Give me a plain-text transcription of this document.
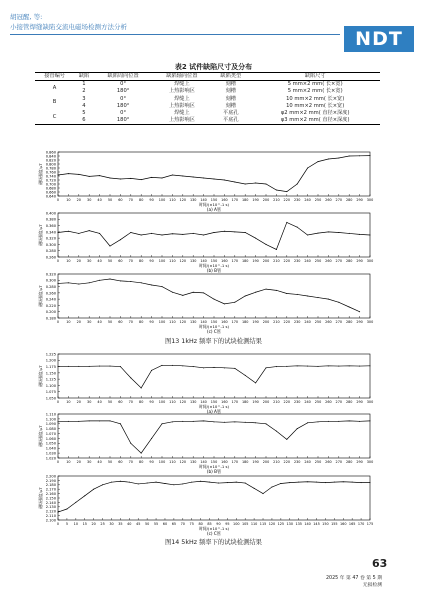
胡冠醒, 等:
小接管焊缝缺陷交流电磁场检测方法分析
NDT
表2 试件缺陷尺寸及分布
接管编号	缺陷	缺陷周向位置	缺陷轴向位置	缺陷类型	缺陷尺寸
A	1	0°	焊缝上	刻槽	5 mm×2 mm( 长×宽)
	2	180°	上热影响区	刻槽	5 mm×2 mm( 长×宽)
B	3	0°	焊缝上	刻槽	10 mm×2 mm( 长×宽)
	4	180°	上热影响区	刻槽	10 mm×2 mm( 长×宽)
C	5	0°	焊缝上	平底孔	φ2 mm×2 mm( 直径×深度)
	6	180°	上热影响区	平底孔	φ3 mm×2 mm( 直径×深度)
0.860
0.840
0.820
0.800
0.780
0.760
0.740
0.720
0.700
0.680
0.660
0.640
0 10 20 30 40 50 60 70 80 90 100 110 120 130 140 150 160 170 180 190 200 210 220 230 240 250 260 270 280 290 300
时间/(×10^-1 s)
磁场强度/μT
(a) A管
0.400
0.380
0.360
0.340
0.320
0.300
0.280
0.260
0 10 20 30 40 50 60 70 80 90 100 110 120 130 140 150 160 170 180 190 200 210 220 230 240 250 260 270 280 290 300
时间/(×10^-1 s)
磁场强度/μT
(b) B管
0.320
0.300
0.280
0.260
0.240
0.220
0.200
0.180
0 10 20 30 40 50 60 70 80 90 100 110 120 130 140 150 160 170 180 190 200 210 220 230 240 250 260 270 280 290 300
时间/(×10^-1 s)
磁场强度/μT
(c) C管
1.225
1.200
1.175
1.150
1.125
1.100
1.075
1.050
0 10 20 30 40 50 60 70 80 90 100 110 120 130 140 150 160 170 180 190 200 210 220 230 240 250 260 270 280 290 300
时间/(×10^-1 s)
磁场强度/μT
(a) A管
1.110
1.100
1.090
1.080
1.070
1.060
1.050
1.040
1.030
1.020
0 10 20 30 40 50 60 70 80 90 100 110 120 130 140 150 160 170 180 190 200 210 220 230 240 250 260 270 280 290 300
时间/(×10^-1 s)
磁场强度/μT
(b) B管
2.200
2.190
2.180
2.170
2.160
2.150
2.140
2.130
2.120
2.110
2.100
0 5 10 15 20 25 30 35 40 45 50 55 60 65 70 75 80 85 90 95 100 105 110 115 120 125 130 135 140 145 150 155 160 165 170 175
时间/(×10^-1 s)
磁场强度/μT
(c) C管
图13 1kHz 频率下的试块检测结果
图14 5kHz 频率下的试块检测结果
63
2025 年 第 47 卷 第 5 期
无损检测
